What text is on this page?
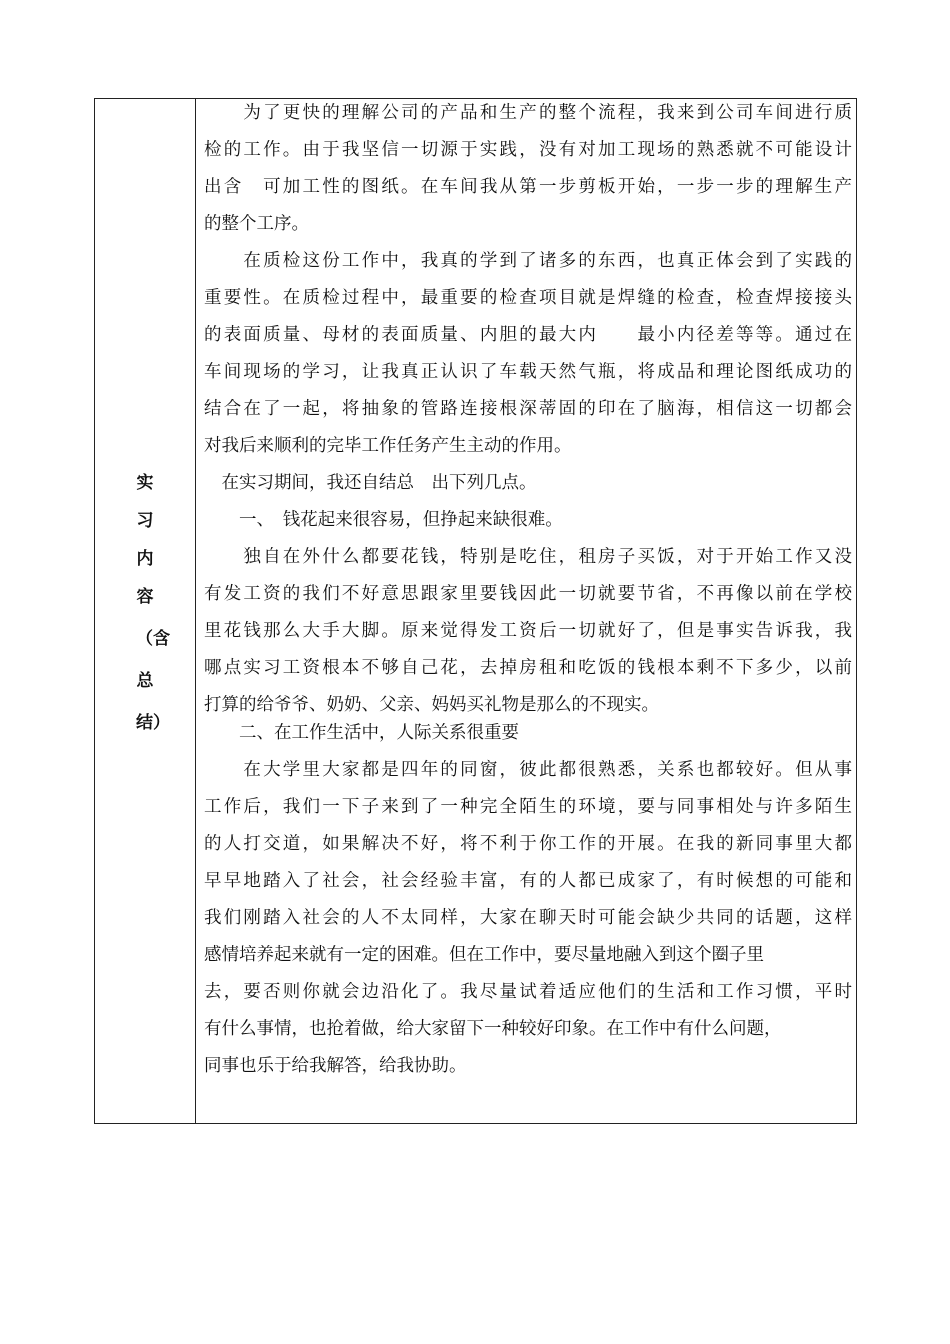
实
习
内
容
（含
总
结）
　　为了更快的理解公司的产品和生产的整个流程，我来到公司车间进行质
检的工作。由于我坚信一切源于实践，没有对加工现场的熟悉就不可能设计
出含　可加工性的图纸。在车间我从第一步剪板开始，一步一步的理解生产
的整个工序。
　　在质检这份工作中，我真的学到了诸多的东西，也真正体会到了实践的
重要性。在质检过程中，最重要的检查项目就是焊缝的检查，检查焊接接头
的表面质量、母材的表面质量、内胆的最大内　　最小内径差等等。通过在
车间现场的学习，让我真正认识了车载天然气瓶，将成品和理论图纸成功的
结合在了一起，将抽象的管路连接根深蒂固的印在了脑海，相信这一切都会
对我后来顺利的完毕工作任务产生主动的作用。
　在实习期间，我还自结总　出下列几点。
　　一、　钱花起来很容易，但挣起来缺很难。
　　独自在外什么都要花钱，特别是吃住，租房子买饭，对于开始工作又没
有发工资的我们不好意思跟家里要钱因此一切就要节省，不再像以前在学校
里花钱那么大手大脚。原来觉得发工资后一切就好了，但是事实告诉我，我
哪点实习工资根本不够自己花，去掉房租和吃饭的钱根本剩不下多少，以前
打算的给爷爷、奶奶、父亲、妈妈买礼物是那么的不现实。
　　二、在工作生活中，人际关系很重要
　　在大学里大家都是四年的同窗，彼此都很熟悉，关系也都较好。但从事
工作后，我们一下子来到了一种完全陌生的环境，要与同事相处与许多陌生
的人打交道，如果解决不好，将不利于你工作的开展。在我的新同事里大都
早早地踏入了社会，社会经验丰富，有的人都已成家了，有时候想的可能和
我们刚踏入社会的人不太同样，大家在聊天时可能会缺少共同的话题，这样
感情培养起来就有一定的困难。但在工作中，要尽量地融入到这个圈子里
去，要否则你就会边沿化了。我尽量试着适应他们的生活和工作习惯，平时
有什么事情，也抢着做，给大家留下一种较好印象。在工作中有什么问题，
同事也乐于给我解答，给我协助。
